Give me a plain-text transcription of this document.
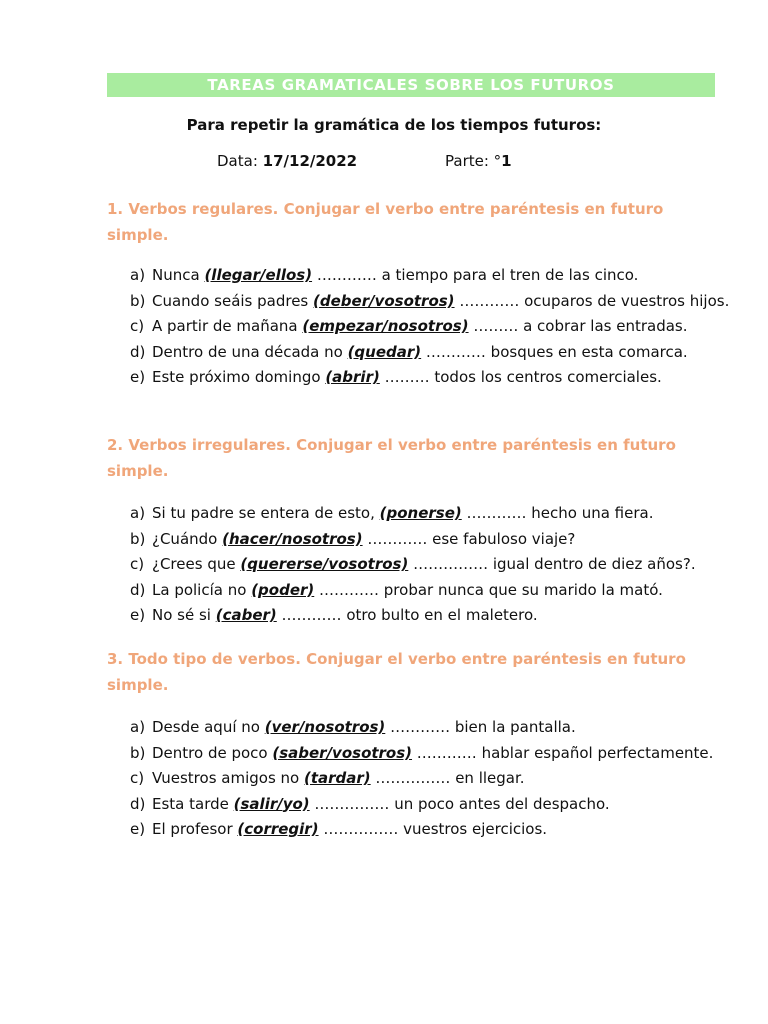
TAREAS GRAMATICALES SOBRE LOS FUTUROS
Para repetir la gramática de los tiempos futuros:
Data: 17/12/2022	Parte: °1
1. Verbos regulares. Conjugar el verbo entre paréntesis en futuro simple.
a) Nunca (llegar/ellos) ………… a tiempo para el tren de las cinco.
b) Cuando seáis padres (deber/vosotros) ………… ocuparos de vuestros hijos.
c) A partir de mañana (empezar/nosotros) ……… a cobrar las entradas.
d) Dentro de una década no (quedar) ………… bosques en esta comarca.
e) Este próximo domingo (abrir) ……… todos los centros comerciales.
2. Verbos irregulares. Conjugar el verbo entre paréntesis en futuro simple.
a) Si tu padre se entera de esto, (ponerse) ………… hecho una fiera.
b) ¿Cuándo (hacer/nosotros) ………… ese fabuloso viaje?
c) ¿Crees que (quererse/vosotros) …………… igual dentro de diez años?.
d) La policía no (poder) ………… probar nunca que su marido la mató.
e) No sé si (caber) ………… otro bulto en el maletero.
3. Todo tipo de verbos. Conjugar el verbo entre paréntesis en futuro simple.
a) Desde aquí no (ver/nosotros) ………… bien la pantalla.
b) Dentro de poco (saber/vosotros) ………… hablar español perfectamente.
c) Vuestros amigos no (tardar) …………… en llegar.
d) Esta tarde (salir/yo) …………… un poco antes del despacho.
e) El profesor (corregir) …………… vuestros ejercicios.
